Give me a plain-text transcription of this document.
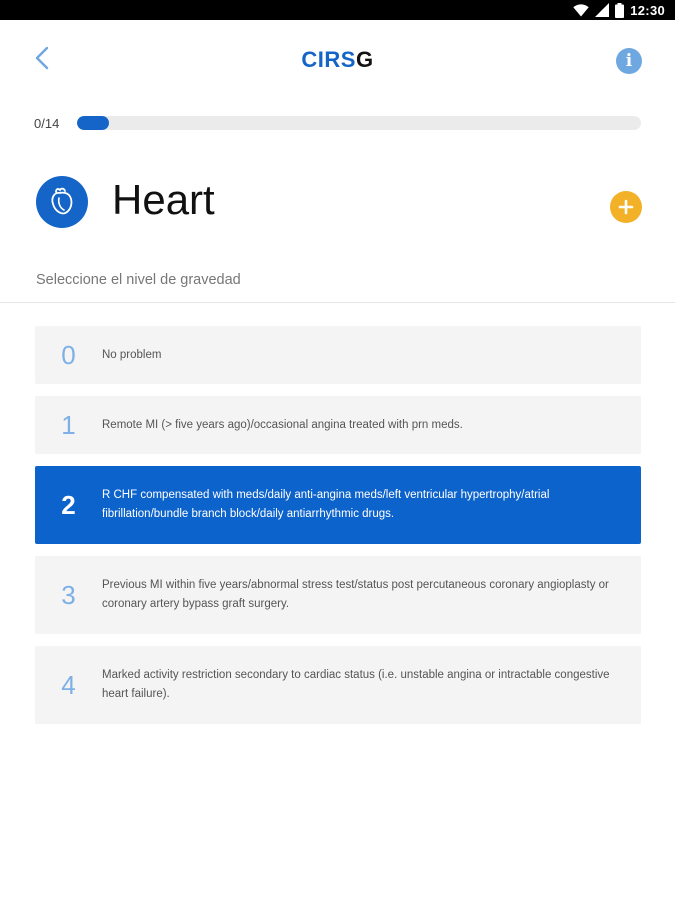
12:30
CIRSG	i
0/14
Heart
Seleccione el nivel de gravedad
0	No problem
1	Remote MI (> five years ago)/occasional angina treated with prn meds.
2	R CHF compensated with meds/daily anti-angina meds/left ventricular hypertrophy/atrial fibrillation/bundle branch block/daily antiarrhythmic drugs.
3	Previous MI within five years/abnormal stress test/status post percutaneous coronary angioplasty or coronary artery bypass graft surgery.
4	Marked activity restriction secondary to cardiac status (i.e. unstable angina or intractable congestive heart failure).
